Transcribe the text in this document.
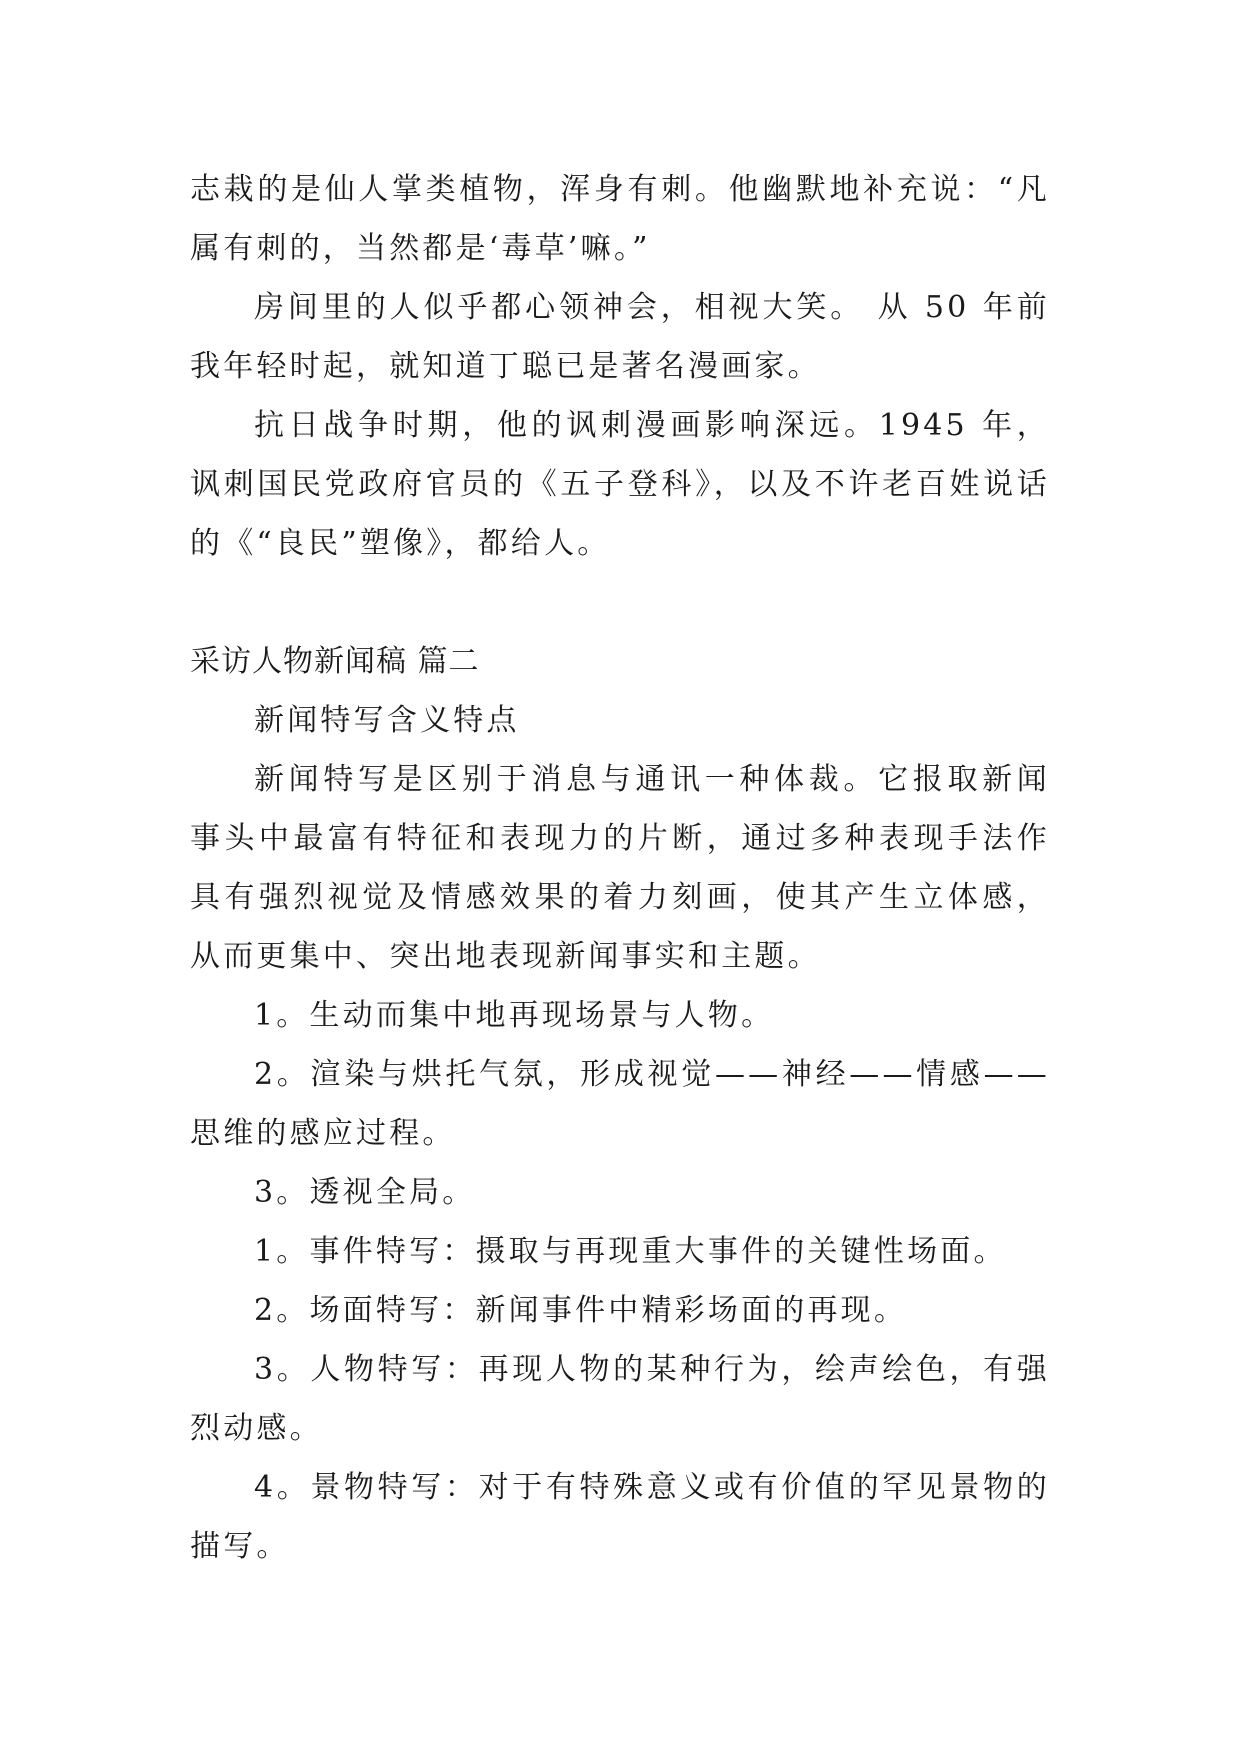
志栽的是仙人掌类植物，浑身有刺。他幽默地补充说：“凡属有刺的，当然都是‘毒草’嘛。”

房间里的人似乎都心领神会，相视大笑。 从 50 年前我年轻时起，就知道丁聪已是著名漫画家。

抗日战争时期，他的讽刺漫画影响深远。1945 年，讽刺国民党政府官员的《五子登科》，以及不许老百姓说话的《“良民”塑像》，都给人。

采访人物新闻稿 篇二

新闻特写含义特点

新闻特写是区别于消息与通讯一种体裁。它报取新闻事头中最富有特征和表现力的片断，通过多种表现手法作具有强烈视觉及情感效果的着力刻画，使其产生立体感，从而更集中、突出地表现新闻事实和主题。

1。生动而集中地再现场景与人物。

2。渲染与烘托气氛，形成视觉——神经——情感——思维的感应过程。

3。透视全局。

1。事件特写：摄取与再现重大事件的关键性场面。

2。场面特写：新闻事件中精彩场面的再现。

3。人物特写：再现人物的某种行为，绘声绘色，有强烈动感。

4。景物特写：对于有特殊意义或有价值的罕见景物的描写。
